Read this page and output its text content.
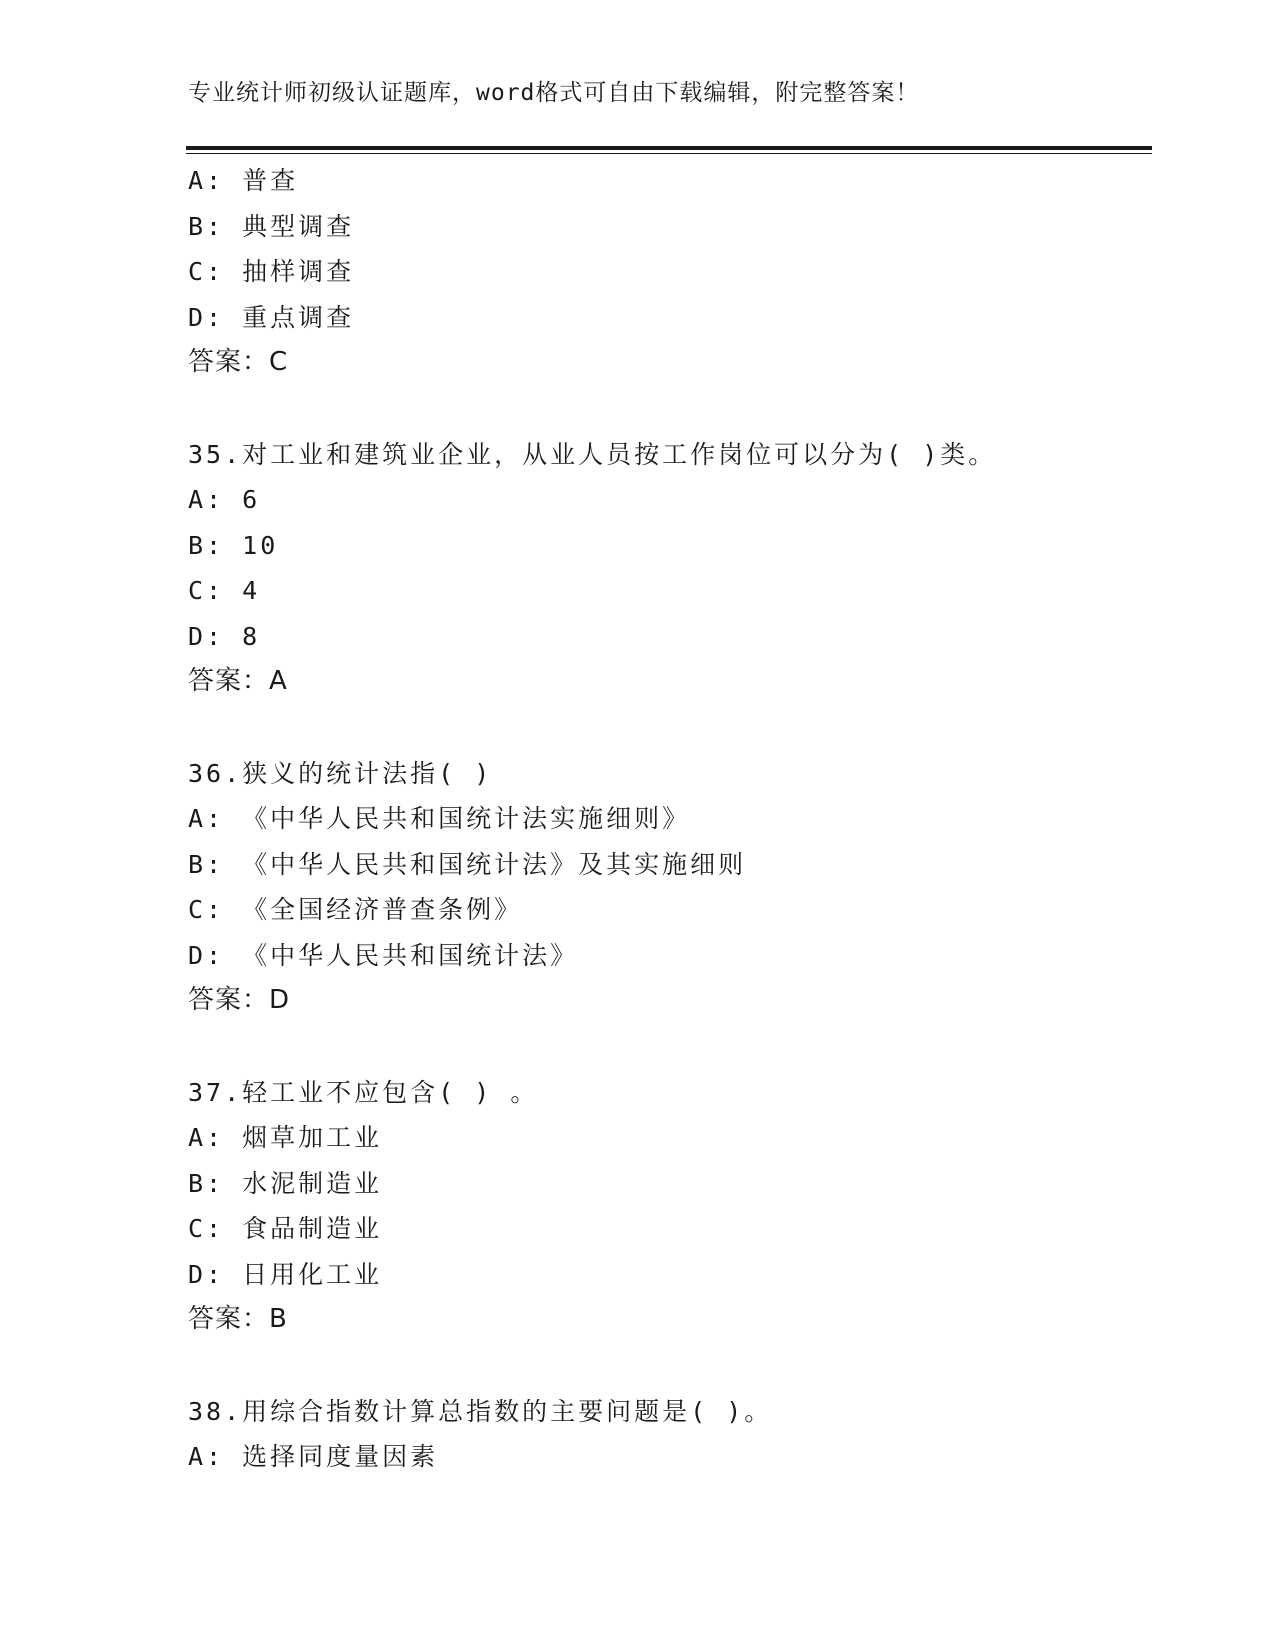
专业统计师初级认证题库，word格式可自由下载编辑，附完整答案！
A: 普查
B: 典型调查
C: 抽样调查
D: 重点调查
答案：C
35.对工业和建筑业企业，从业人员按工作岗位可以分为( )类。
A: 6
B: 10
C: 4
D: 8
答案：A
36.狭义的统计法指( )
A: 《中华人民共和国统计法实施细则》
B: 《中华人民共和国统计法》及其实施细则
C: 《全国经济普查条例》
D: 《中华人民共和国统计法》
答案：D
37.轻工业不应包含( ) 。
A: 烟草加工业
B: 水泥制造业
C: 食品制造业
D: 日用化工业
答案：B
38.用综合指数计算总指数的主要问题是( )。
A: 选择同度量因素
